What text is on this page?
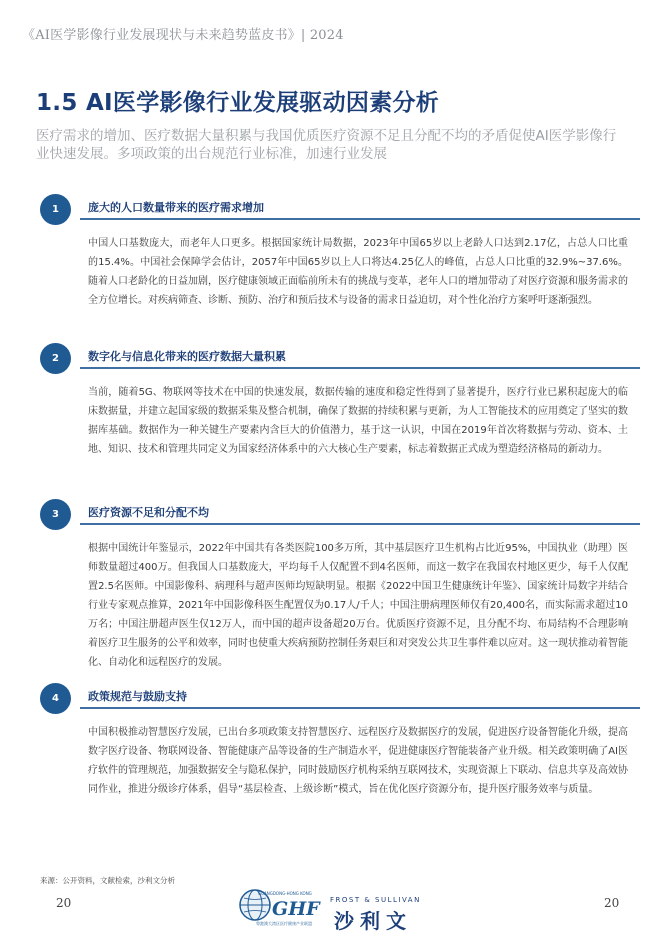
《AI医学影像行业发展现状与未来趋势蓝皮书》| 2024
1.5 AI医学影像行业发展驱动因素分析

医疗需求的增加、医疗数据大量积累与我国优质医疗资源不足且分配不均的矛盾促使AI医学影像行业快速发展。多项政策的出台规范行业标准，加速行业发展

1	庞大的人口数量带来的医疗需求增加

中国人口基数庞大，而老年人口更多。根据国家统计局数据，2023年中国65岁以上老龄人口达到2.17亿，占总人口比重的15.4%。中国社会保障学会估计，2057年中国65岁以上人口将达4.25亿人的峰值，占总人口比重的32.9%~37.6%。随着人口老龄化的日益加剧，医疗健康领域正面临前所未有的挑战与变革，老年人口的增加带动了对医疗资源和服务需求的全方位增长。对疾病筛查、诊断、预防、治疗和预后技术与设备的需求日益迫切，对个性化治疗方案呼吁逐渐强烈。

2	数字化与信息化带来的医疗数据大量积累

当前，随着5G、物联网等技术在中国的快速发展，数据传输的速度和稳定性得到了显著提升，医疗行业已累积起庞大的临床数据量，并建立起国家级的数据采集及整合机制，确保了数据的持续积累与更新，为人工智能技术的应用奠定了坚实的数据库基础。数据作为一种关键生产要素内含巨大的价值潜力，基于这一认识，中国在2019年首次将数据与劳动、资本、土地、知识、技术和管理共同定义为国家经济体系中的六大核心生产要素，标志着数据正式成为塑造经济格局的新动力。

3	医疗资源不足和分配不均

根据中国统计年鉴显示，2022年中国共有各类医院100多万所，其中基层医疗卫生机构占比近95%，中国执业（助理）医师数量超过400万。但我国人口基数庞大，平均每千人仅配置不到4名医师，而这一数字在我国农村地区更少，每千人仅配置2.5名医师。中国影像科、病理科与超声医师均短缺明显。根据《2022中国卫生健康统计年鉴》、国家统计局数字并结合行业专家观点推算，2021年中国影像科医生配置仅为0.17人/千人；中国注册病理医师仅有20,400名，而实际需求超过10万名；中国注册超声医生仅12万人，而中国的超声设备超20万台。优质医疗资源不足，且分配不均、布局结构不合理影响着医疗卫生服务的公平和效率，同时也使重大疾病预防控制任务艰巨和对突发公共卫生事件难以应对。这一现状推动着智能化、自动化和远程医疗的发展。

4	政策规范与鼓励支持

中国积极推动智慧医疗发展，已出台多项政策支持智慧医疗、远程医疗及数据医疗的发展，促进医疗设备智能化升级，提高数字医疗设备、物联网设备、智能健康产品等设备的生产制造水平，促进健康医疗智能装备产业升级。相关政策明确了AI医疗软件的管理规范，加强数据安全与隐私保护，同时鼓励医疗机构采纳互联网技术，实现资源上下联动、信息共享及高效协同作业，推进分级诊疗体系，倡导“基层检查、上级诊断”模式，旨在优化医疗资源分布，提升医疗服务效率与质量。

来源：公开资料，文献检索，沙利文分析
20	20
GUANGDONG-HONG KONG
GHF
粤港澳大湾区医疗健康产业联盟
FROST & SULLIVAN
沙利文
